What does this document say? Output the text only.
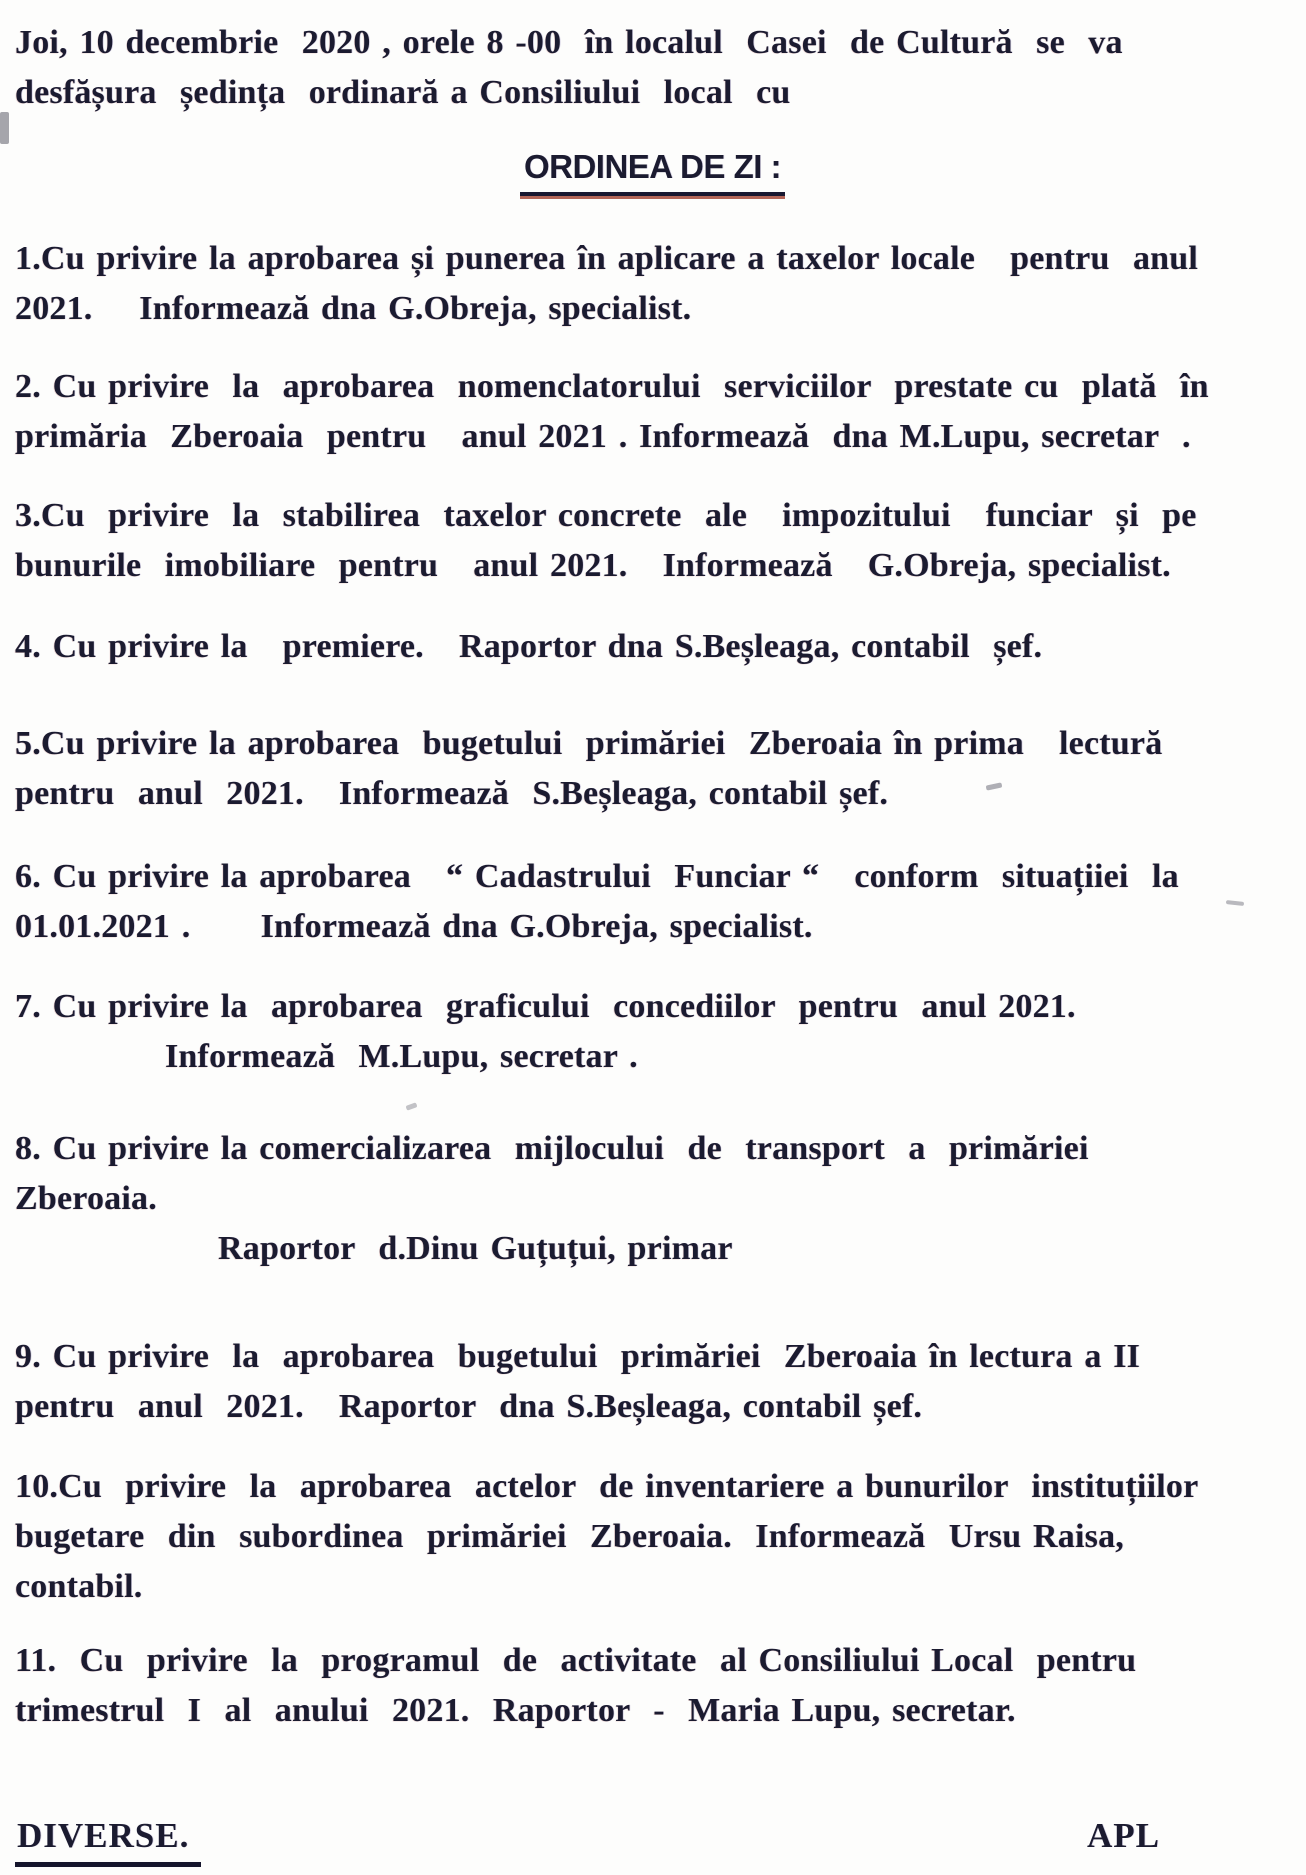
Joi, 10 decembrie  2020 , orele 8 -00  în localul  Casei  de Cultură  se  va
desfășura  ședința  ordinară a Consiliului  local  cu
ORDINEA DE ZI :
1.Cu privire la aprobarea și punerea în aplicare a taxelor locale   pentru  anul
2021.    Informează dna G.Obreja, specialist.
2. Cu privire  la  aprobarea  nomenclatorului  serviciilor  prestate cu  plată  în
primăria  Zberoaia  pentru   anul 2021 . Informează  dna M.Lupu, secretar  .
3.Cu  privire  la  stabilirea  taxelor concrete  ale   impozitului   funciar  și  pe
bunurile  imobiliare  pentru   anul 2021.   Informează   G.Obreja, specialist.
4. Cu privire la   premiere.   Raportor dna S.Beșleaga, contabil  șef.
5.Cu privire la aprobarea  bugetului  primăriei  Zberoaia în prima   lectură
pentru  anul  2021.   Informează  S.Beșleaga, contabil șef.
6. Cu privire la aprobarea   “ Cadastrului  Funciar “   conform  situațiiei  la
01.01.2021 .      Informează dna G.Obreja, specialist.
7. Cu privire la  aprobarea  graficului  concediilor  pentru  anul 2021.
Informează  M.Lupu, secretar .
8. Cu privire la comercializarea  mijlocului  de  transport  a  primăriei
Zberoaia.
Raportor  d.Dinu Guțuțui, primar
9. Cu privire  la  aprobarea  bugetului  primăriei  Zberoaia în lectura a II
pentru  anul  2021.   Raportor  dna S.Beșleaga, contabil șef.
10.Cu  privire  la  aprobarea  actelor  de inventariere a bunurilor  instituțiilor
bugetare  din  subordinea  primăriei  Zberoaia.  Informează  Ursu Raisa,
contabil.
11.  Cu  privire  la  programul  de  activitate  al Consiliului Local  pentru
trimestrul  I  al  anului  2021.  Raportor  -  Maria Lupu, secretar.
DIVERSE.	APL
